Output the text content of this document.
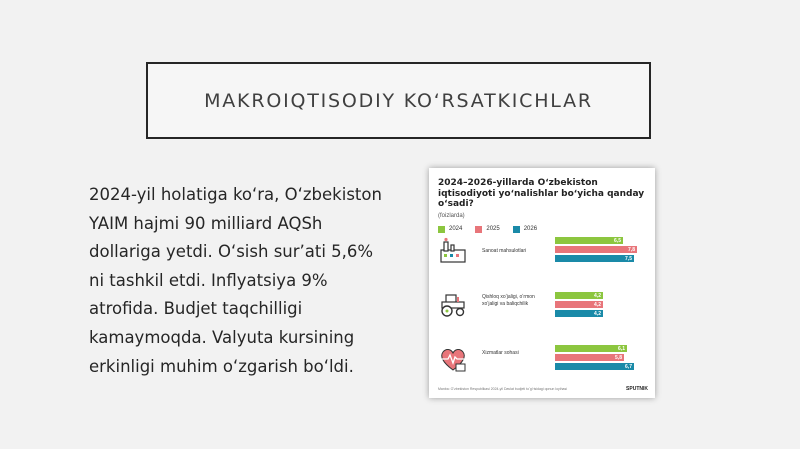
MAKROIQTISODIY KOʻRSATKICHLAR
2024-yil holatiga koʻra, Oʻzbekiston YAIM hajmi 90 milliard AQSh dollariga yetdi. Oʻsish surʼati 5,6% ni tashkil etdi. Inflyatsiya 9% atrofida. Budjet taqchilligi kamaymoqda. Valyuta kursining erkinligi muhim oʻzgarish boʻldi.
2024–2026-yillarda Oʻzbekiston iqtisodiyoti yoʻnalishlar boʻyicha qanday oʻsadi?
(foizlarda)
2024	2025	2026
Sanoat mahsulotlari
6,5
7,8
7,5
Qishloq xoʻjaligi, oʻrmon xoʻjaligi va baliqchilik
4,2
4,2
4,2
Xizmatlar sohasi
6,1
5,8
6,7
Manba: Oʻzbekiston Respublikasi 2024-yil Davlat budjeti toʻgʻrisidagi qonun loyihasi	SPUTNIK
